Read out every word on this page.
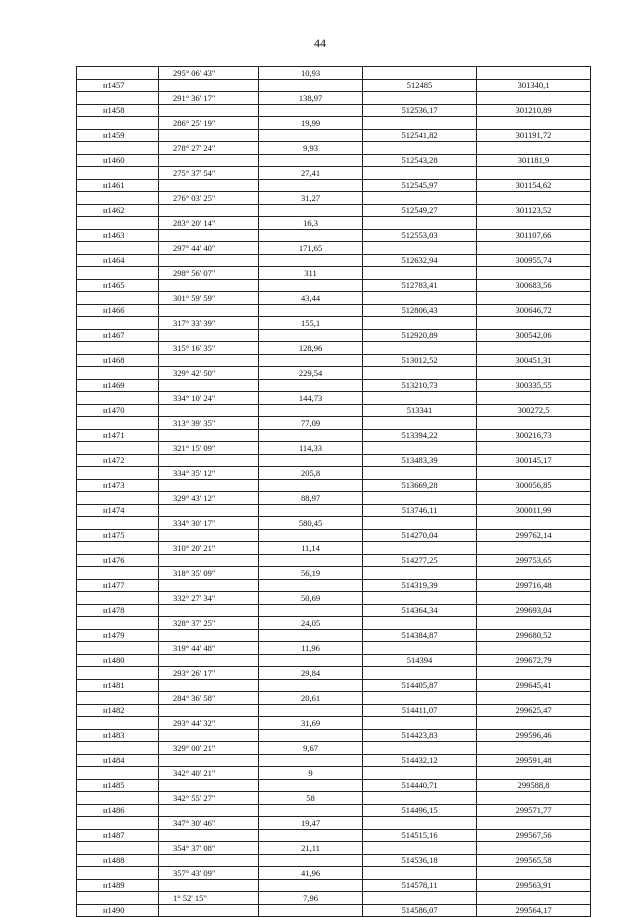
44
	295° 06' 43"	10,93		
н1457			512485	301340,1
	291° 36' 17"	138,97		
н1458			512536,17	301210,89
	286° 25' 19"	19,99		
н1459			512541,82	301191,72
	278° 27' 24"	9,93		
н1460			512543,28	301181,9
	275° 37' 54"	27,41		
н1461			512545,97	301154,62
	276° 03' 25"	31,27		
н1462			512549,27	301123,52
	283° 20' 14"	16,3		
н1463			512553,03	301107,66
	297° 44' 40"	171,65		
н1464			512632,94	300955,74
	298° 56' 07"	311		
н1465			512783,41	300683,56
	301° 59' 59"	43,44		
н1466			512806,43	300646,72
	317° 33' 39"	155,1		
н1467			512920,89	300542,06
	315° 16' 35"	128,96		
н1468			513012,52	300451,31
	329° 42' 50"	229,54		
н1469			513210,73	300335,55
	334° 10' 24"	144,73		
н1470			513341	300272,5
	313° 39' 35"	77,09		
н1471			513394,22	300216,73
	321° 15' 09"	114,33		
н1472			513483,39	300145,17
	334° 35' 12"	205,8		
н1473			513669,28	300056,85
	329° 43' 12"	88,97		
н1474			513746,11	300011,99
	334° 30' 17"	580,45		
н1475			514270,04	299762,14
	310° 20' 21"	11,14		
н1476			514277,25	299753,65
	318° 35' 09"	56,19		
н1477			514319,39	299716,48
	332° 27' 34"	50,69		
н1478			514364,34	299693,04
	328° 37' 25"	24,05		
н1479			514384,87	299680,52
	319° 44' 48"	11,96		
н1480			514394	299672,79
	293° 26' 17"	29,84		
н1481			514405,87	299645,41
	284° 36' 58"	20,61		
н1482			514411,07	299625,47
	293° 44' 32"	31,69		
н1483			514423,83	299596,46
	329° 00' 21"	9,67		
н1484			514432,12	299591,48
	342° 40' 21"	9		
н1485			514440,71	299588,8
	342° 55' 27"	58		
н1486			514496,15	299571,77
	347° 30' 46"	19,47		
н1487			514515,16	299567,56
	354° 37' 08"	21,11		
н1488			514536,18	299565,58
	357° 43' 09"	41,96		
н1489			514578,11	299563,91
	1° 52' 15"	7,96		
н1490			514586,07	299564,17
